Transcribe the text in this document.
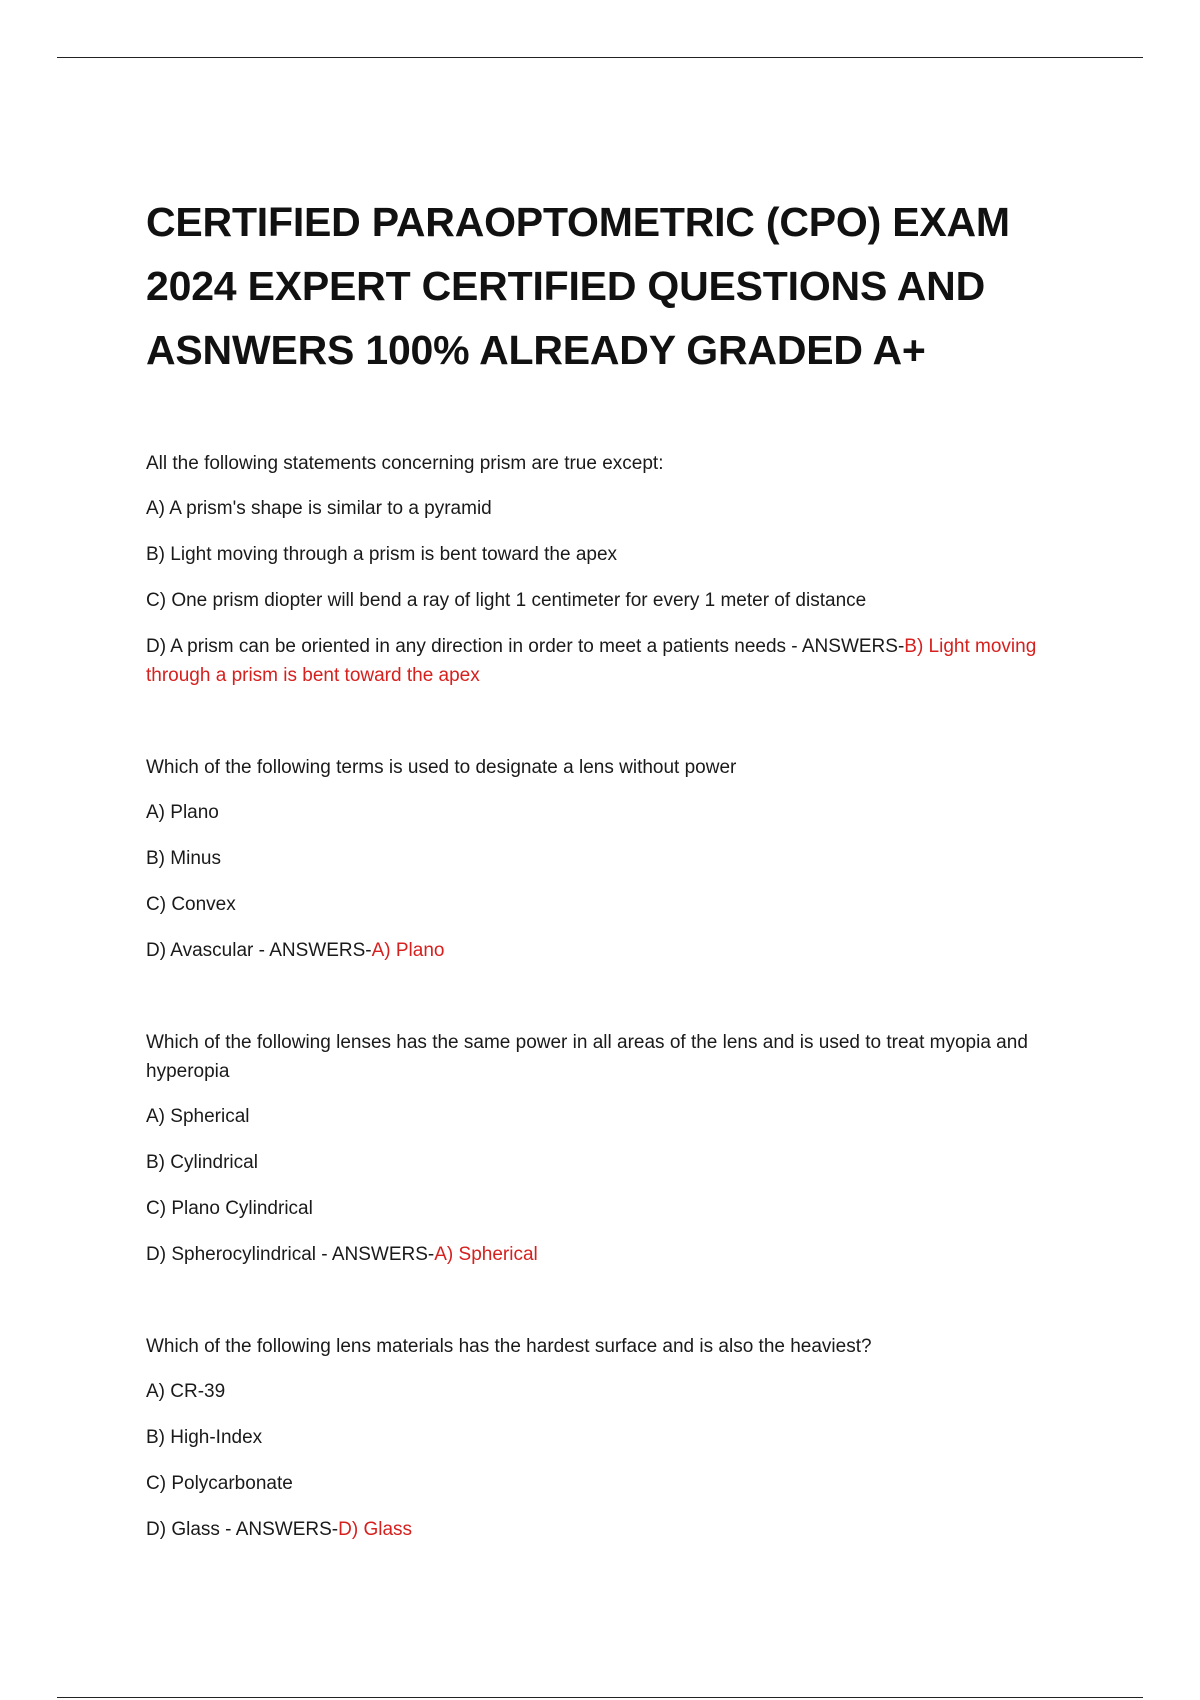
CERTIFIED PARAOPTOMETRIC (CPO) EXAM 2024 EXPERT CERTIFIED QUESTIONS AND ASNWERS 100% ALREADY GRADED A+

All the following statements concerning prism are true except:

A) A prism's shape is similar to a pyramid

B) Light moving through a prism is bent toward the apex

C) One prism diopter will bend a ray of light 1 centimeter for every 1 meter of distance

D) A prism can be oriented in any direction in order to meet a patients needs - ANSWERS-B) Light moving through a prism is bent toward the apex

Which of the following terms is used to designate a lens without power

A) Plano

B) Minus

C) Convex

D) Avascular - ANSWERS-A) Plano

Which of the following lenses has the same power in all areas of the lens and is used to treat myopia and hyperopia

A) Spherical

B) Cylindrical

C) Plano Cylindrical

D) Spherocylindrical - ANSWERS-A) Spherical

Which of the following lens materials has the hardest surface and is also the heaviest?

A) CR-39

B) High-Index

C) Polycarbonate

D) Glass - ANSWERS-D) Glass
